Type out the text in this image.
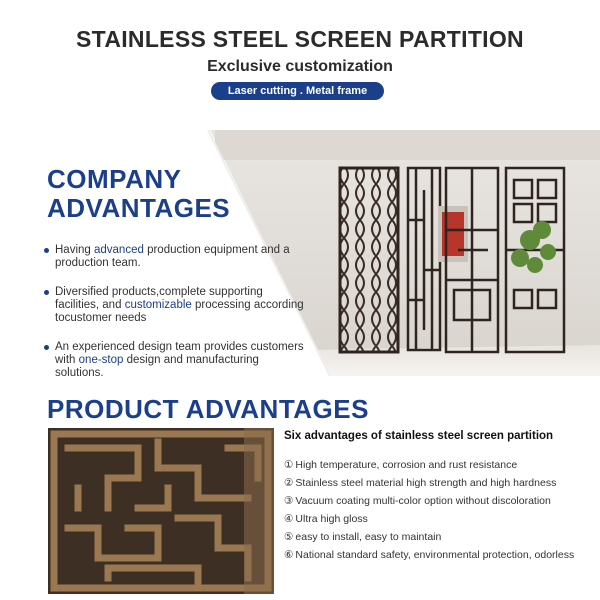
STAINLESS STEEL SCREEN PARTITION
Exclusive customization
Laser cutting . Metal frame
COMPANY
ADVANTAGES
Having advanced production equipment and a production team.
Diversified products,complete supporting facilities, and customizable processing according tocustomer needs
An experienced design team provides customers with one-stop design and manufacturing solutions.
PRODUCT ADVANTAGES
Six advantages of stainless steel screen partition
① High temperature, corrosion and rust resistance
② Stainless steel material high strength and high hardness
③ Vacuum coating multi-color option without discoloration
④ Ultra high gloss
⑤ easy to install, easy to maintain
⑥ National standard safety, environmental protection, odorless
